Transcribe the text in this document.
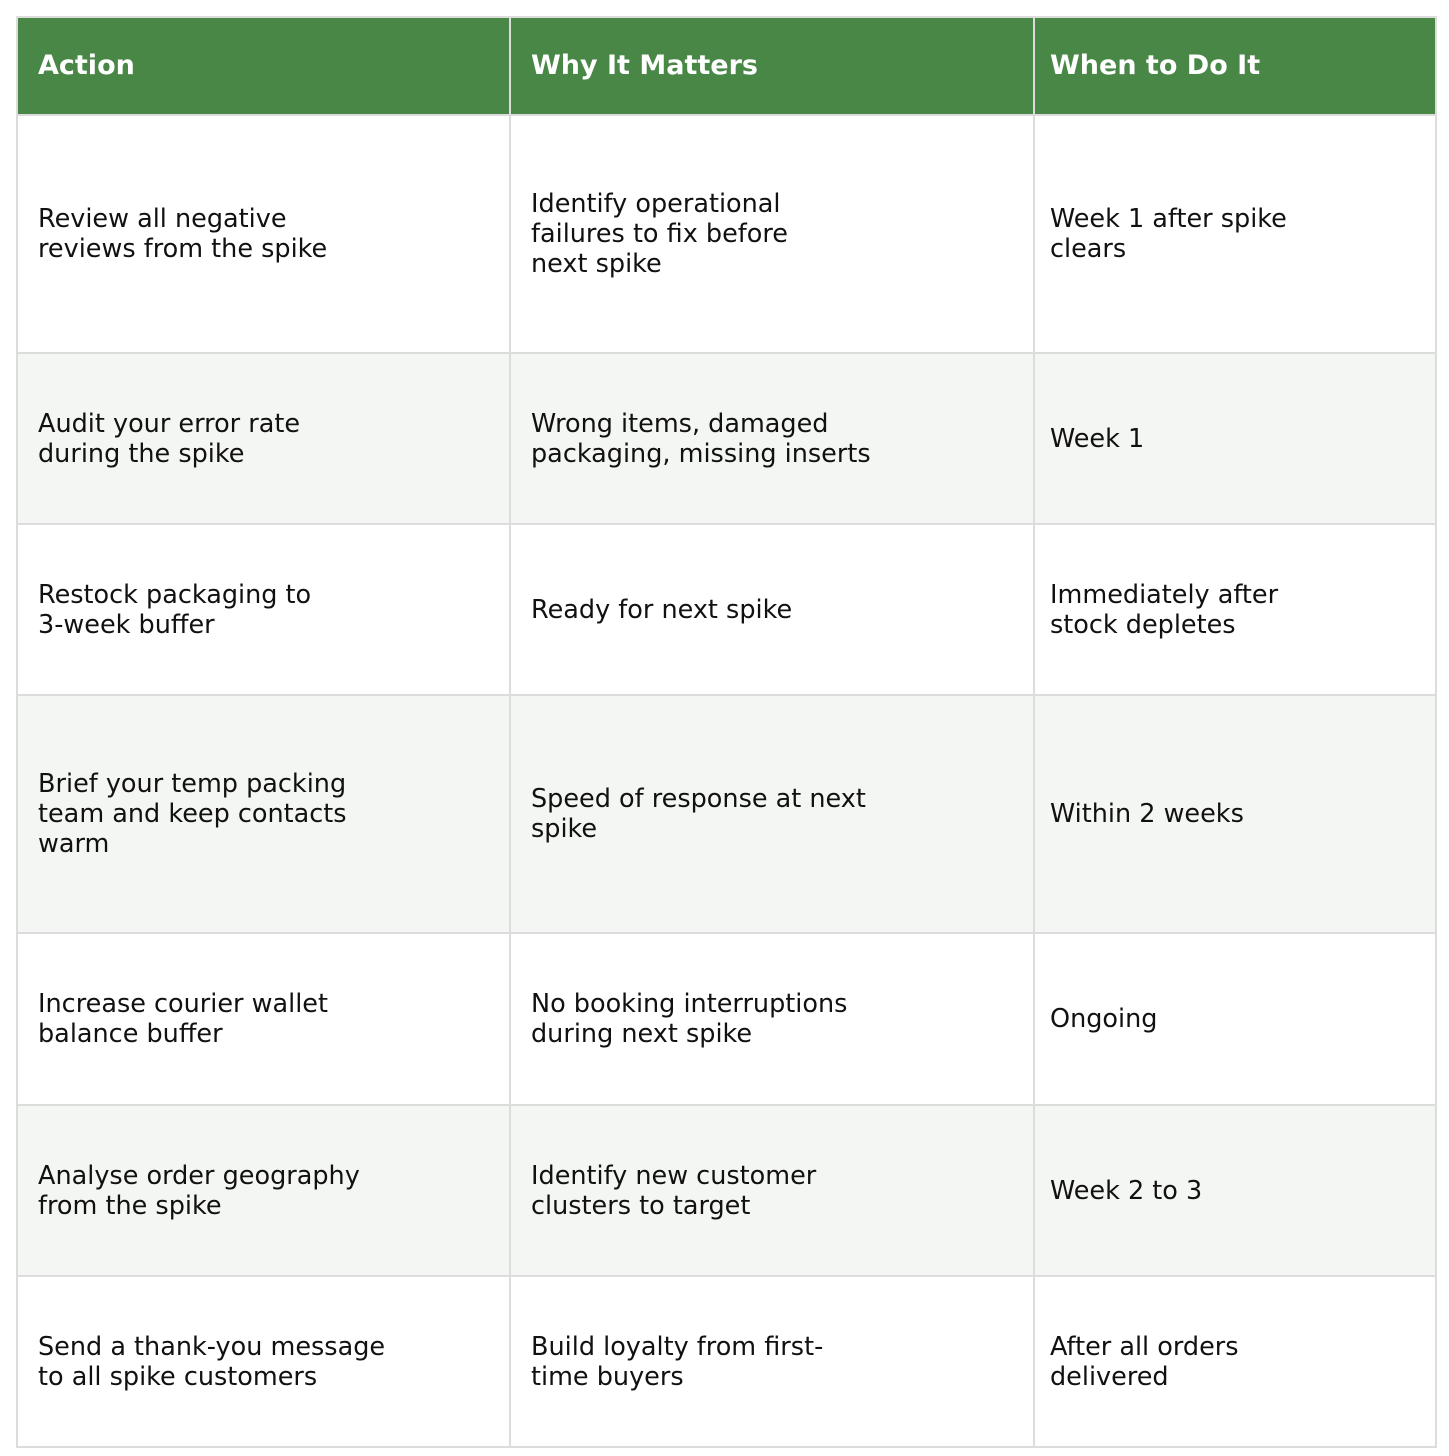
Action	Why It Matters	When to Do It

Review all negative
reviews from the spike	Identify operational
failures to fix before
next spike	Week 1 after spike
clears

Audit your error rate
during the spike	Wrong items, damaged
packaging, missing inserts	Week 1

Restock packaging to
3-week buffer	Ready for next spike	Immediately after
stock depletes

Brief your temp packing
team and keep contacts
warm	Speed of response at next
spike	Within 2 weeks

Increase courier wallet
balance buffer	No booking interruptions
during next spike	Ongoing

Analyse order geography
from the spike	Identify new customer
clusters to target	Week 2 to 3

Send a thank-you message
to all spike customers	Build loyalty from first-
time buyers	After all orders
delivered
